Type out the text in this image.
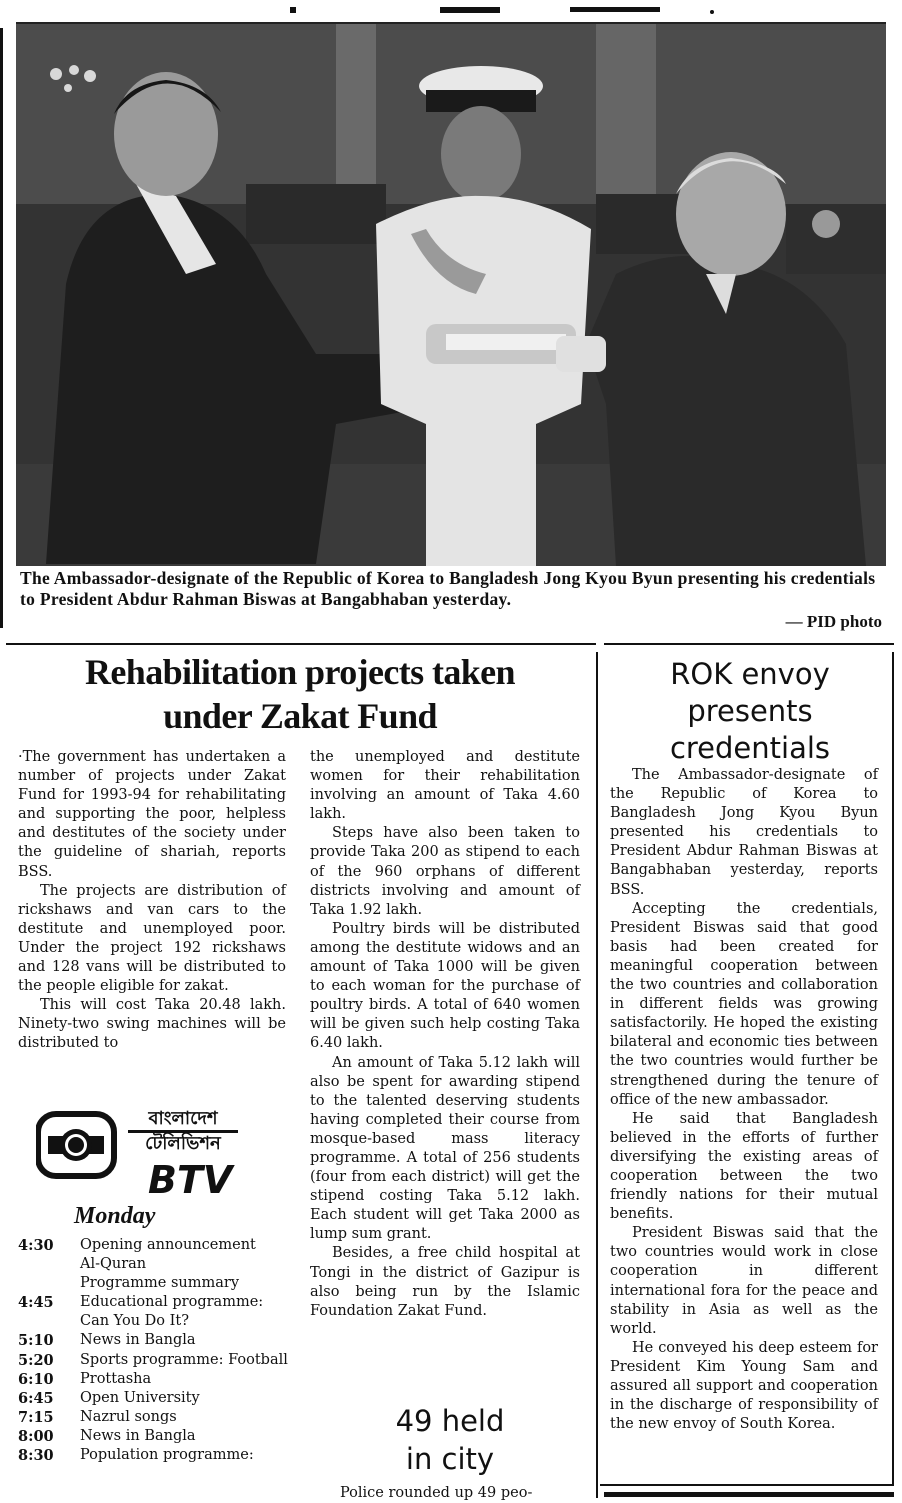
The Ambassador-designate of the Republic of Korea to Bangladesh Jong Kyou Byun presenting his credentials to President Abdur Rahman Biswas at Bangabhaban yesterday.
— PID photo
Rehabilitation projects taken
under Zakat Fund

·The government has undertaken a number of projects under Zakat Fund for 1993-94 for rehabilitating and supporting the poor, helpless and destitutes of the society under the guideline of shariah, reports BSS.

The projects are distribution of rickshaws and van cars to the destitute and unemployed poor. Under the project 192 rickshaws and 128 vans will be distributed to the people eligible for zakat.

This will cost Taka 20.48 lakh. Ninety-two swing machines will be distributed to

the unemployed and destitute women for their rehabilitation involving an amount of Taka 4.60 lakh.

Steps have also been taken to provide Taka 200 as stipend to each of the 960 orphans of different districts involving and amount of Taka 1.92 lakh.

Poultry birds will be distributed among the destitute widows and an amount of Taka 1000 will be given to each woman for the purchase of poultry birds. A total of 640 women will be given such help costing Taka 6.40 lakh.

An amount of Taka 5.12 lakh will also be spent for awarding stipend to the talented deserving students having completed their course from mosque-based mass literacy programme. A total of 256 students (four from each district) will get the stipend costing Taka 5.12 lakh. Each student will get Taka 2000 as lump sum grant.

Besides, a free child hospital at Tongi in the district of Gazipur is also being run by the Islamic Foundation Zakat Fund.

ROK envoy
presents
credentials

The Ambassador-designate of the Republic of Korea to Bangladesh Jong Kyou Byun presented his credentials to President Abdur Rahman Biswas at Bangabhaban yesterday, reports BSS.

Accepting the credentials, President Biswas said that good basis had been created for meaningful cooperation between the two countries and collaboration in different fields was growing satisfactorily. He hoped the existing bilateral and economic ties between the two countries would further be strengthened during the tenure of office of the new ambassador.

He said that Bangladesh believed in the efforts of further diversifying the existing areas of cooperation between the two friendly nations for their mutual benefits.

President Biswas said that the two countries would work in close cooperation in different international fora for the peace and stability in Asia as well as the world.

He conveyed his deep esteem for President Kim Young Sam and assured all support and cooperation in the discharge of responsibility of the new envoy of South Korea.

বাংলাদেশ
টেলিভিশন
BTV
Monday
4:30	Opening announcement
Al-Quran
Programme summary
4:45	Educational programme: Can You Do It?
5:10	News in Bangla
5:20	Sports programme: Football
6:10	Prottasha
6:45	Open University
7:15	Nazrul songs
8:00	News in Bangla
8:30	Population programme:
49 held
in city
Police rounded up 49 peo-
